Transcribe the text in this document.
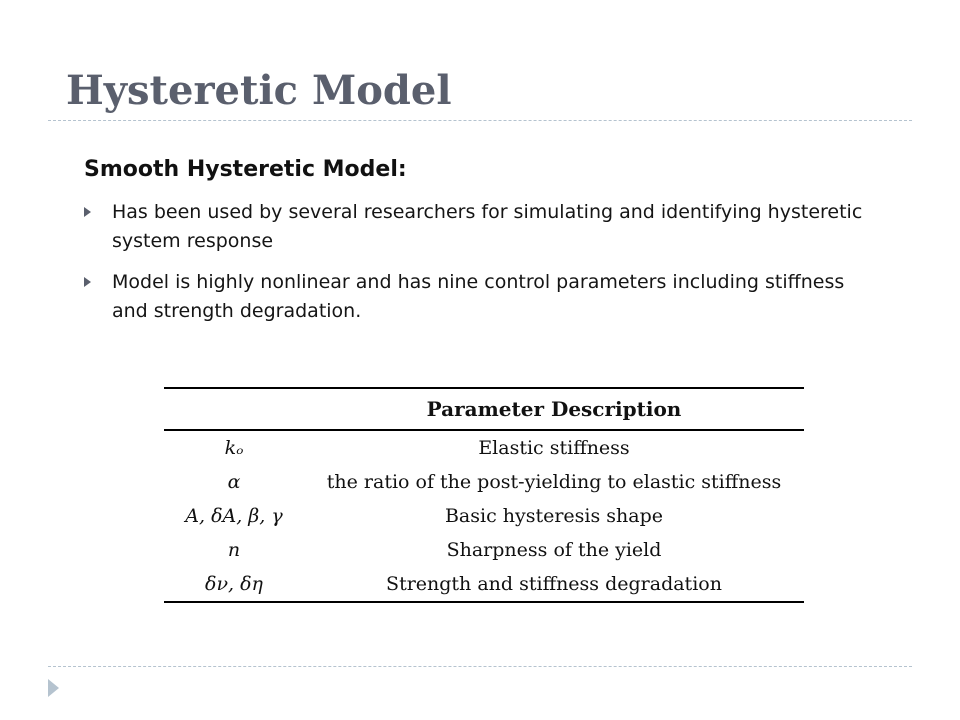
Hysteretic Model
Smooth Hysteretic Model:
Has been used by several researchers for simulating and identifying hysteretic system response
Model is highly nonlinear and has nine control parameters including stiffness and strength degradation.

	Parameter Description
kₒ	Elastic stiffness
α	the ratio of the post-yielding to elastic stiffness
A, δA, β, γ	Basic hysteresis shape
n	Sharpness of the yield
δν, δη	Strength and stiffness degradation
